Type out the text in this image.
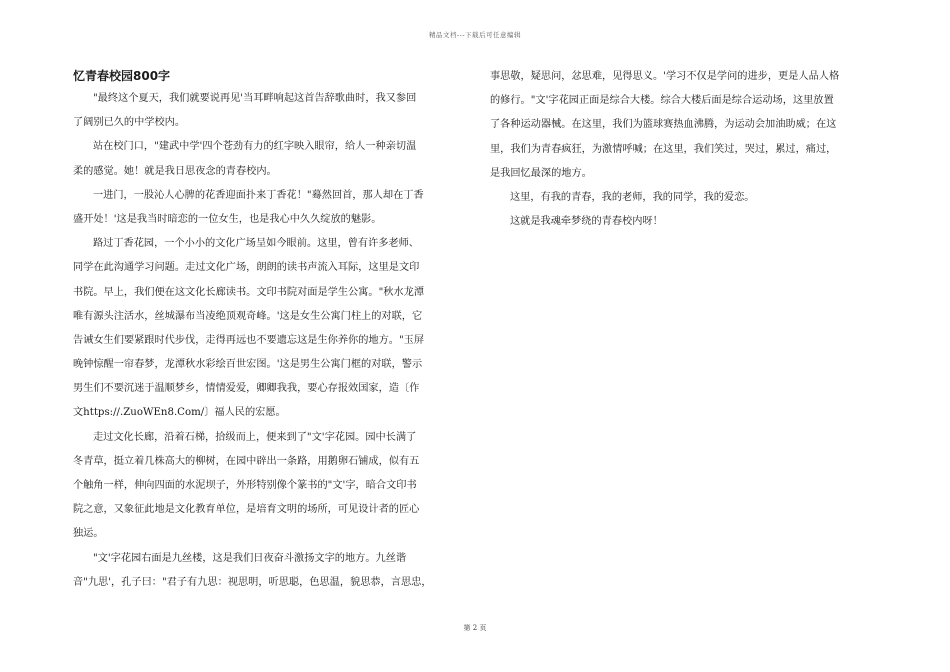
精品文档---下载后可任意编辑
忆青春校园800字
"最终这个夏天，我们就要说再见'当耳畔响起这首告辞歌曲时，我又参回
了阔别已久的中学校内。
站在校门口，"建武中学'四个苍劲有力的红字映入眼帘，给人一种亲切温
柔的感觉。她！就是我日思夜念的青春校内。
一进门，一股沁人心脾的花香迎面扑来丁香花！"蓦然回首，那人却在丁香
盛开处！'这是我当时暗恋的一位女生，也是我心中久久绽放的魅影。
路过丁香花园，一个小小的文化广场呈如今眼前。这里，曾有许多老师、
同学在此沟通学习问题。走过文化广场，朗朗的读书声流入耳际，这里是文印
书院。早上，我们便在这文化长廊读书。文印书院对面是学生公寓。"秋水龙潭
唯有源头注活水，丝城瀑布当凌绝顶观奇峰。'这是女生公寓门柱上的对联，它
告诫女生们要紧跟时代步伐，走得再远也不要遗忘这是生你养你的地方。"玉屏
晚钟惊醒一帘春梦，龙潭秋水彩绘百世宏图。'这是男生公寓门框的对联，警示
男生们不要沉迷于温顺梦乡，情情爱爱，卿卿我我，要心存报效国家，造〔作
文https://.ZuoWEn8.Com/〕福人民的宏愿。
走过文化长廊，沿着石梯，拾级而上，便来到了"文'字花园。园中长满了
冬青草，挺立着几株高大的柳树，在园中辟出一条路，用鹅卵石铺成，似有五
个触角一样，伸向四面的水泥坝子，外形特别像个篆书的"文'字，暗合文印书
院之意，又象征此地是文化教育单位，是培育文明的场所，可见设计者的匠心
独运。
"文'字花园右面是九丝楼，这是我们日夜奋斗激扬文字的地方。九丝谐
音"九思'，孔子曰："君子有九思：视思明，听思聪，色思温，貌思恭，言思忠，
事思敬，疑思问，忿思难，见得思义。'学习不仅是学问的进步，更是人品人格
的修行。"文'字花园正面是综合大楼。综合大楼后面是综合运动场，这里放置
了各种运动器械。在这里，我们为篮球赛热血沸腾，为运动会加油助威；在这
里，我们为青春疯狂，为激情呼喊；在这里，我们笑过，哭过，累过，痛过，
是我回忆最深的地方。
这里，有我的青春，我的老师，我的同学，我的爱恋。
这就是我魂牵梦绕的青春校内呀！
第 2 页
